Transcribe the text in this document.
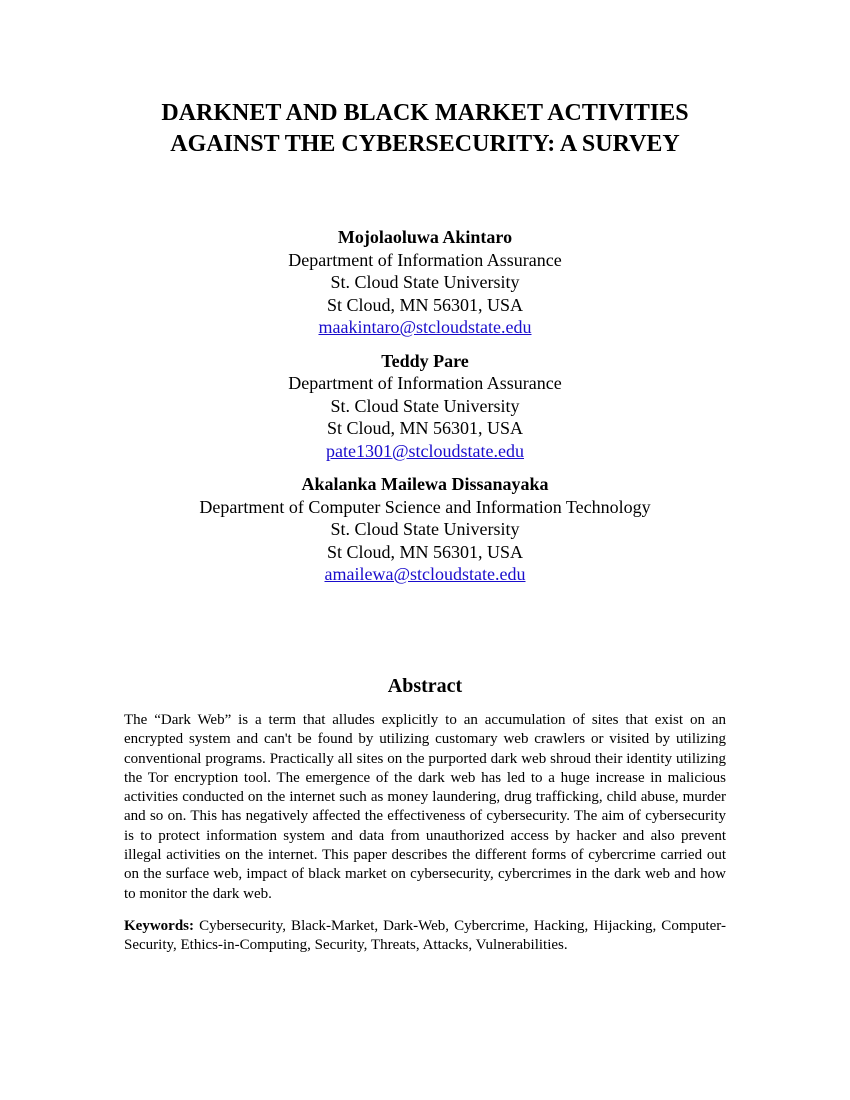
DARKNET AND BLACK MARKET ACTIVITIES
AGAINST THE CYBERSECURITY: A SURVEY
Mojolaoluwa Akintaro
Department of Information Assurance
St. Cloud State University
St Cloud, MN 56301, USA
maakintaro@stcloudstate.edu
Teddy Pare
Department of Information Assurance
St. Cloud State University
St Cloud, MN 56301, USA
pate1301@stcloudstate.edu
Akalanka Mailewa Dissanayaka
Department of Computer Science and Information Technology
St. Cloud State University
St Cloud, MN 56301, USA
amailewa@stcloudstate.edu
Abstract

The “Dark Web” is a term that alludes explicitly to an accumulation of sites that exist on an encrypted system and can't be found by utilizing customary web crawlers or visited by utilizing conventional programs. Practically all sites on the purported dark web shroud their identity utilizing the Tor encryption tool. The emergence of the dark web has led to a huge increase in malicious activities conducted on the internet such as money laundering, drug trafficking, child abuse, murder and so on. This has negatively affected the effectiveness of cybersecurity. The aim of cybersecurity is to protect information system and data from unauthorized access by hacker and also prevent illegal activities on the internet. This paper describes the different forms of cybercrime carried out on the surface web, impact of black market on cybersecurity, cybercrimes in the dark web and how to monitor the dark web.

Keywords: Cybersecurity, Black-Market, Dark-Web, Cybercrime, Hacking, Hijacking, Computer-Security, Ethics-in-Computing, Security, Threats, Attacks, Vulnerabilities.
